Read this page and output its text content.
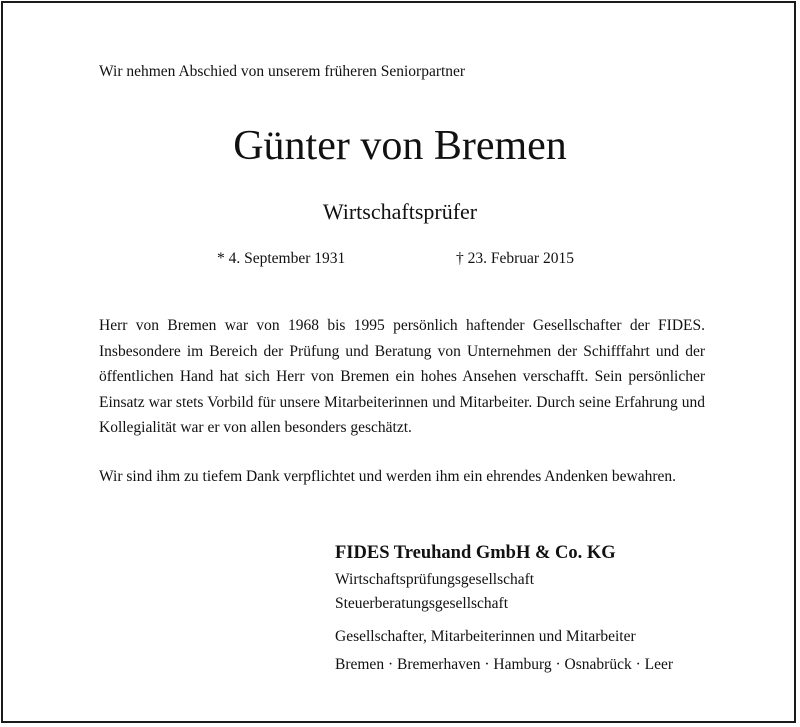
Wir nehmen Abschied von unserem früheren Seniorpartner
Günter von Bremen
Wirtschaftsprüfer
* 4. September 1931	† 23. Februar 2015
Herr von Bremen war von 1968 bis 1995 persönlich haftender Gesellschafter der FIDES. Insbesondere im Bereich der Prüfung und Beratung von Unternehmen der Schifffahrt und der öffentlichen Hand hat sich Herr von Bremen ein hohes Ansehen verschafft. Sein persönlicher Einsatz war stets Vorbild für unsere Mitarbeiterinnen und Mitarbeiter. Durch seine Erfahrung und Kollegialität war er von allen besonders geschätzt.
Wir sind ihm zu tiefem Dank verpflichtet und werden ihm ein ehrendes Andenken bewahren.
FIDES Treuhand GmbH & Co. KG
Wirtschaftsprüfungsgesellschaft
Steuerberatungsgesellschaft
Gesellschafter, Mitarbeiterinnen und Mitarbeiter
Bremen · Bremerhaven · Hamburg · Osnabrück · Leer
